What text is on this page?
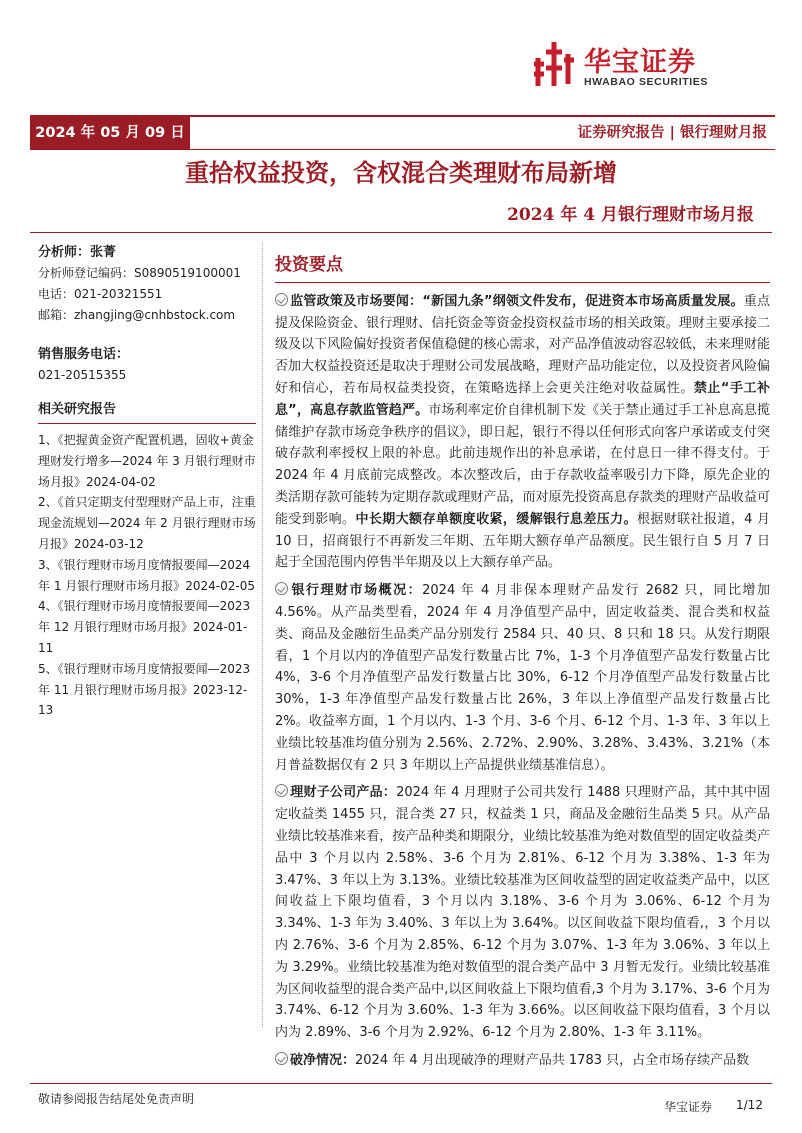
华宝证券
HWABAO SECURITIES
2024 年 05 月 09 日	证券研究报告 | 银行理财月报
重拾权益投资，含权混合类理财布局新增
2024 年 4 月银行理财市场月报
分析师：张菁
分析师登记编码：S0890519100001
电话：021-20321551
邮箱：zhangjing@cnhbstock.com
销售服务电话：
021-20515355
相关研究报告
1、《把握黄金资产配置机遇，固收+黄金理财发行增多—2024 年 3 月银行理财市场月报》2024-04-02
2、《首只定期支付型理财产品上市，注重现金流规划—2024 年 2 月银行理财市场月报》2024-03-12
3、《银行理财市场月度情报要闻—2024 年 1 月银行理财市场月报》2024-02-05
4、《银行理财市场月度情报要闻—2023 年 12 月银行理财市场月报》2024-01-11
5、《银行理财市场月度情报要闻—2023 年 11 月银行理财市场月报》2023-12-13
投资要点

监管政策及市场要闻：“新国九条”纲领文件发布，促进资本市场高质量发展。重点提及保险资金、银行理财、信托资金等资金投资权益市场的相关政策。理财主要承接二级及以下风险偏好投资者保值稳健的核心需求，对产品净值波动容忍较低，未来理财能否加大权益投资还是取决于理财公司发展战略，理财产品功能定位，以及投资者风险偏好和信心，若布局权益类投资，在策略选择上会更关注绝对收益属性。禁止“手工补息”，高息存款监管趋严。市场利率定价自律机制下发《关于禁止通过手工补息高息揽储维护存款市场竞争秩序的倡议》，即日起，银行不得以任何形式向客户承诺或支付突破存款利率授权上限的补息。此前违规作出的补息承诺，在付息日一律不得支付。于 2024 年 4 月底前完成整改。本次整改后，由于存款收益率吸引力下降，原先企业的类活期存款可能转为定期存款或理财产品，而对原先投资高息存款类的理财产品收益可能受到影响。中长期大额存单额度收紧，缓解银行息差压力。根据财联社报道，4 月 10 日，招商银行不再新发三年期、五年期大额存单产品额度。民生银行自 5 月 7 日起于全国范围内停售半年期及以上大额存单产品。

银行理财市场概况：2024 年 4 月非保本理财产品发行 2682 只，同比增加 4.56%。从产品类型看，2024 年 4 月净值型产品中，固定收益类、混合类和权益类、商品及金融衍生品类产品分别发行 2584 只、40 只、8 只和 18 只。从发行期限看，1 个月以内的净值型产品发行数量占比 7%，1-3 个月净值型产品发行数量占比 4%，3-6 个月净值型产品发行数量占比 30%，6-12 个月净值型产品发行数量占比 30%，1-3 年净值型产品发行数量占比 26%，3 年以上净值型产品发行数量占比 2%。收益率方面，1 个月以内、1-3 个月、3-6 个月、6-12 个月、1-3 年、3 年以上业绩比较基准均值分别为 2.56%、2.72%、2.90%、3.28%、3.43%、3.21%（本月普益数据仅有 2 只 3 年期以上产品提供业绩基准信息）。

理财子公司产品：2024 年 4 月理财子公司共发行 1488 只理财产品，其中其中固定收益类 1455 只，混合类 27 只，权益类 1 只，商品及金融衍生品类 5 只。从产品业绩比较基准来看，按产品种类和期限分，业绩比较基准为绝对数值型的固定收益类产品中 3 个月以内 2.58%、3-6 个月为 2.81%、6-12 个月为 3.38%、1-3 年为 3.47%、3 年以上为 3.13%。业绩比较基准为区间收益型的固定收益类产品中，以区间收益上下限均值看，3 个月以内 3.18%、3-6 个月为 3.06%、6-12 个月为 3.34%、1-3 年为 3.40%、3 年以上为 3.64%。以区间收益下限均值看,，3 个月以内 2.76%、3-6 个月为 2.85%、6-12 个月为 3.07%、1-3 年为 3.06%、3 年以上为 3.29%。业绩比较基准为绝对数值型的混合类产品中 3 月暂无发行。业绩比较基准为区间收益型的混合类产品中,以区间收益上下限均值看,3 个月为 3.17%、3-6 个月为 3.74%、6-12 个月为 3.60%、1-3 年为 3.66%。以区间收益下限均值看，3 个月以内为 2.89%、3-6 个月为 2.92%、6-12 个月为 2.80%、1-3 年 3.11%。

破净情况：2024 年 4 月出现破净的理财产品共 1783 只，占全市场存续产品数

敬请参阅报告结尾处免责声明
华宝证券 1/12
